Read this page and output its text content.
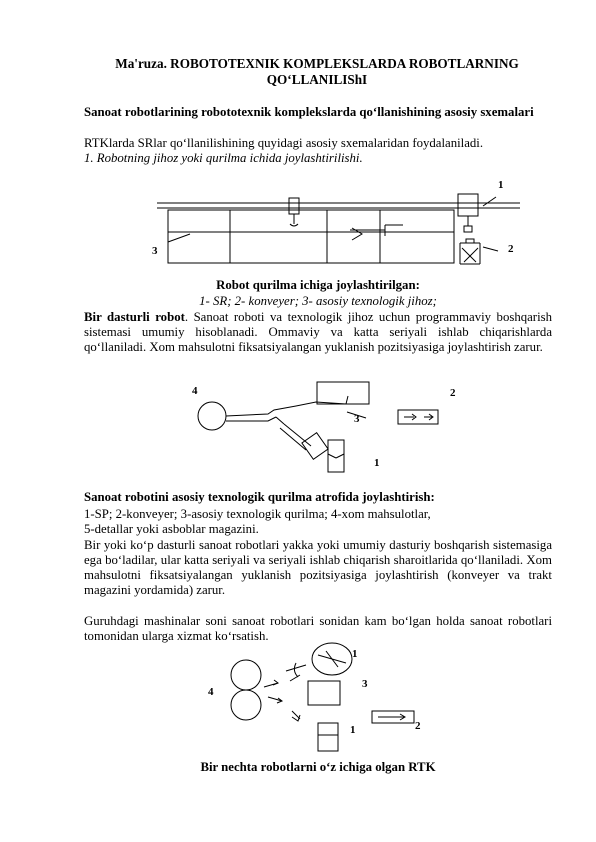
Ma'ruza. ROBOTOTEXNIK KOMPLEKSLARDA ROBOTLARNING
QO‘LLANILIShI
Sanoat robotlarining robototexnik komplekslarda qo‘llanishining asosiy sxemalari
RTKlarda SRlar qo‘llanilishining quyidagi asosiy sxemalaridan foydalaniladi.
1. Robotning jihoz yoki qurilma ichida joylashtirilishi.
1
2
3
Robot qurilma ichiga joylashtirilgan:
1- SR; 2- konveyer; 3- asosiy texnologik jihoz;
Bir dasturli robot. Sanoat roboti va texnologik jihoz uchun programmaviy boshqarish sistemasi umumiy hisoblanadi. Ommaviy va katta seriyali ishlab chiqarishlarda qo‘llaniladi. Xom mahsulotni fiksatsiyalangan yuklanish pozitsiyasiga joylashtirish zarur.
4	2
3
1
Sanoat robotini asosiy texnologik qurilma atrofida joylashtirish:
1-SP; 2-konveyer; 3-asosiy texnologik qurilma; 4-xom mahsulotlar,
5-detallar yoki asboblar magazini.
Bir yoki ko‘p dasturli sanoat robotlari yakka yoki umumiy dasturiy boshqarish sistemasiga ega bo‘ladilar, ular katta seriyali va seriyali ishlab chiqarish sharoitlarida qo‘llaniladi. Xom mahsulotni fiksatsiyalangan yuklanish pozitsiyasiga joylashtirish (konveyer va trakt magazini yordamida) zarur.
Guruhdagi mashinalar soni sanoat robotlari sonidan kam bo‘lgan holda sanoat robotlari tomonidan ularga xizmat ko‘rsatish.
1
4
3
2
1
Bir nechta robotlarni o‘z ichiga olgan RTK
